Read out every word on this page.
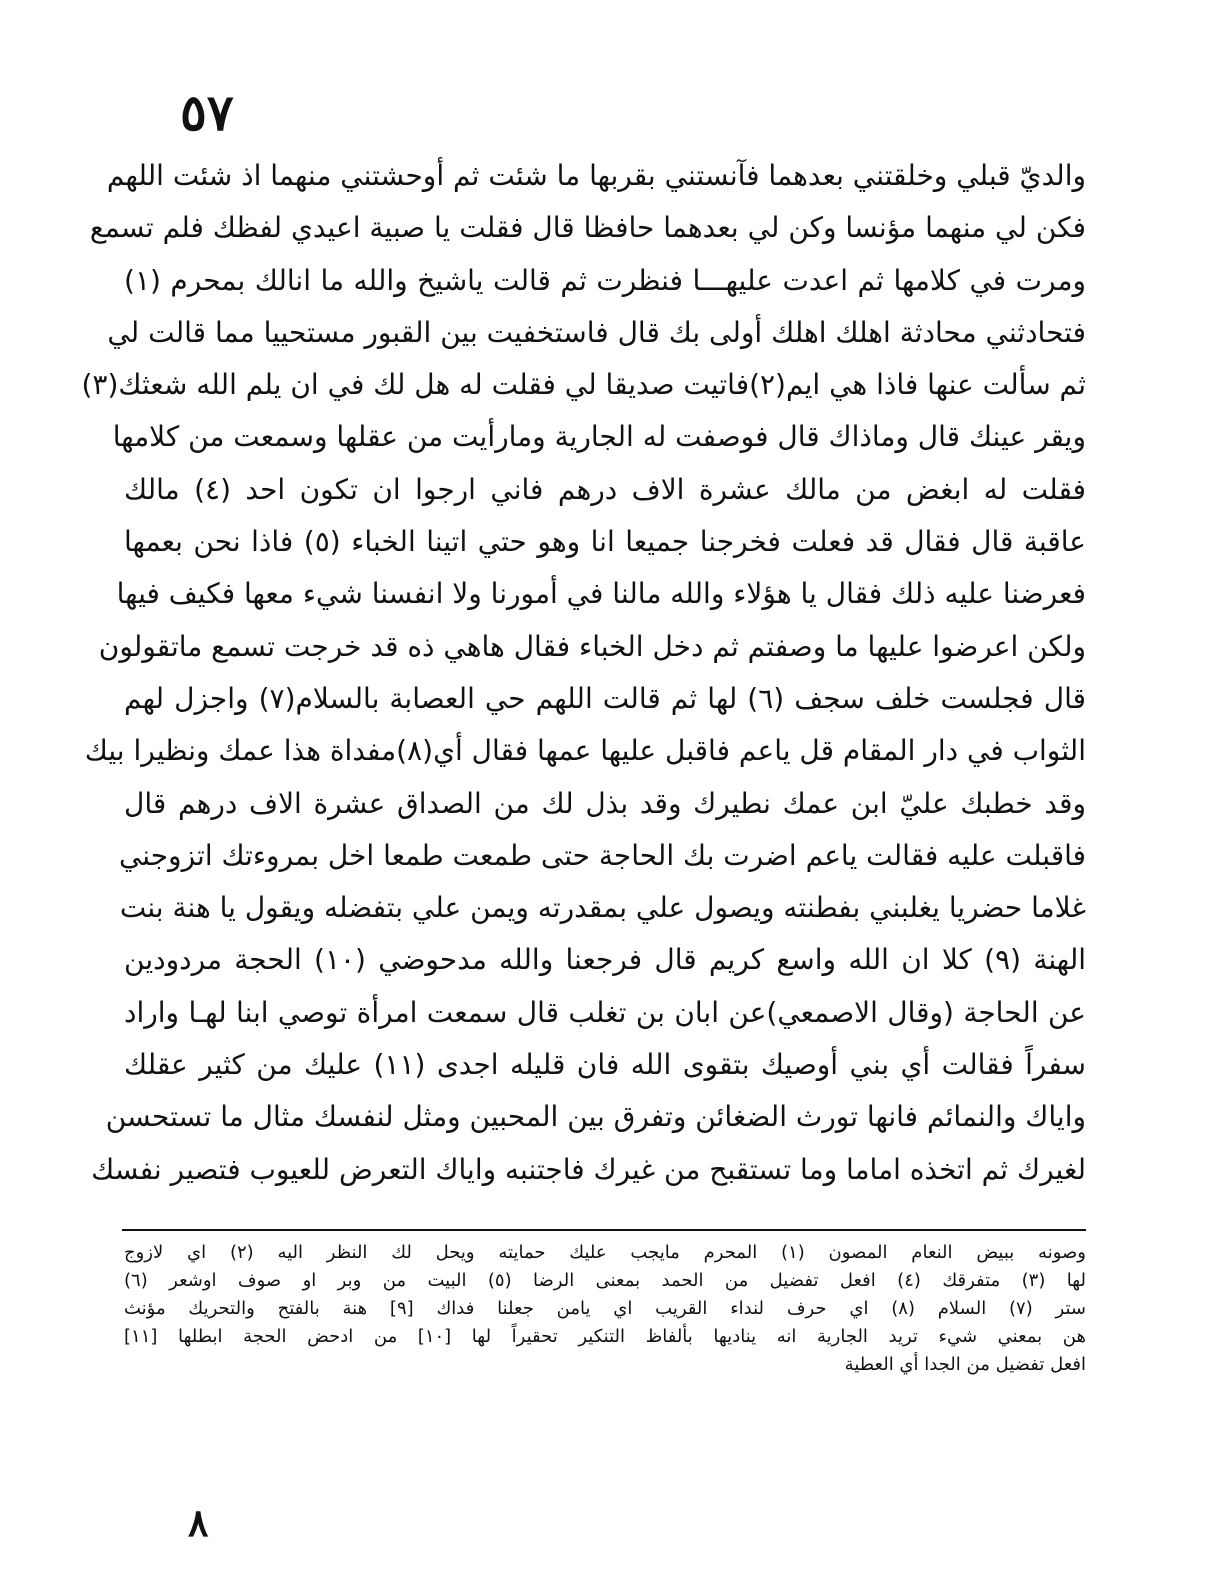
٥٧
والديّ قبلي وخلقتني بعدهما فآنستني بقربها ما شئت ثم أوحشتني منهما اذ شئت اللهم
فكن لي منهما مؤنسا وكن لي بعدهما حافظا قال فقلت يا صبية اعيدي لفظك فلم تسمع
ومرت في كلامها ثم اعدت عليهـــا فنظرت ثم قالت ياشيخ والله ما انالك بمحرم (١)
فتحادثني محادثة اهلك اهلك أولى بك قال فاستخفيت بين القبور مستحييا مما قالت لي
ثم سألت عنها فاذا هي ايم(٢)فاتيت صديقا لي فقلت له هل لك في ان يلم الله شعثك(٣)
ويقر عينك قال وماذاك قال فوصفت له الجارية ومارأيت من عقلها وسمعت من كلامها
فقلت له ابغض من مالك عشرة الاف درهم فاني ارجوا ان تكون احد (٤) مالك
عاقبة قال فقال قد فعلت فخرجنا جميعا انا وهو حتي اتينا الخباء (٥) فاذا نحن بعمها
فعرضنا عليه ذلك فقال يا هؤلاء والله مالنا في أمورنا ولا انفسنا شيء معها فكيف فيها
ولكن اعرضوا عليها ما وصفتم ثم دخل الخباء فقال هاهي ذه قد خرجت تسمع ماتقولون
قال فجلست خلف سجف (٦) لها ثم قالت اللهم حي العصابة بالسلام(٧) واجزل لهم
الثواب في دار المقام قل ياعم فاقبل عليها عمها فقال أي(٨)مفداة هذا عمك ونظيرا بيك
وقد خطبك عليّ ابن عمك نطيرك وقد بذل لك من الصداق عشرة الاف درهم قال
فاقبلت عليه فقالت ياعم اضرت بك الحاجة حتى طمعت طمعا اخل بمروءتك اتزوجني
غلاما حضريا يغلبني بفطنته ويصول علي بمقدرته ويمن علي بتفضله ويقول يا هنة بنت
الهنة (٩) كلا ان الله واسع كريم قال فرجعنا والله مدحوضي (١٠) الحجة مردودين
عن الحاجة (وقال الاصمعي)عن ابان بن تغلب قال سمعت امرأة توصي ابنا لهـا واراد
سفراً فقالت أي بني أوصيك بتقوى الله فان قليله اجدى (١١) عليك من كثير عقلك
واياك والنمائم فانها تورث الضغائن وتفرق بين المحبين ومثل لنفسك مثال ما تستحسن
لغيرك ثم اتخذه اماما وما تستقبح من غيرك فاجتنبه واياك التعرض للعيوب فتصير نفسك
وصونه ببيض النعام المصون (١) المحرم مايجب عليك حمايته ويحل لك النظر اليه (٢) اي لازوج
لها (٣) متفرقك (٤) افعل تفضيل من الحمد بمعنى الرضا (٥) البيت من وبر او صوف اوشعر (٦)
ستر (٧) السلام (٨) اي حرف لنداء القريب اي يامن جعلنا فداك [٩] هنة بالفتح والتحريك مؤنث
هن بمعني شيء تريد الجارية انه يناديها بألفاظ التنكير تحقيراً لها [١٠] من ادحض الحجة ابطلها [١١]
افعل تفضيل من الجدا أي العطية
٨
